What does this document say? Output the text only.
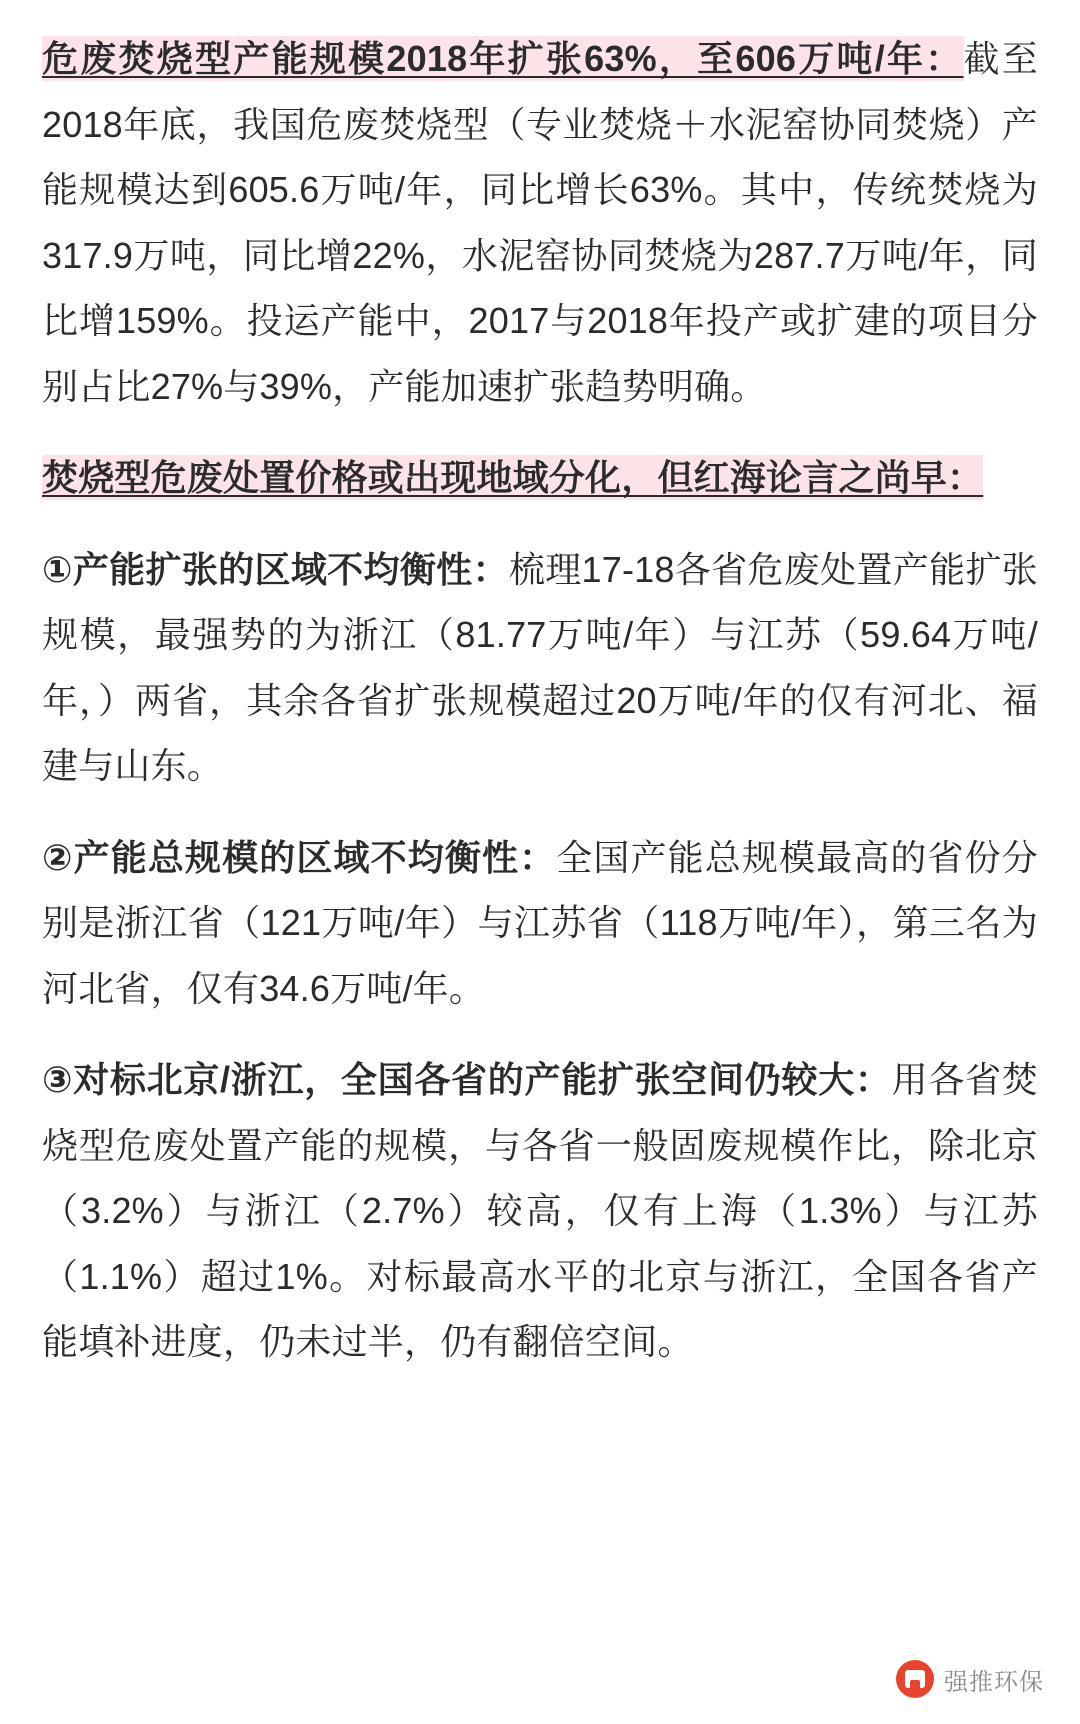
危废焚烧型产能规模2018年扩张63%，至606万吨/年：截至2018年底，我国危废焚烧型（专业焚烧＋水泥窑协同焚烧）产能规模达到605.6万吨/年，同比增长63%。其中，传统焚烧为317.9万吨，同比增22%，水泥窑协同焚烧为287.7万吨/年，同比增159%。投运产能中，2017与2018年投产或扩建的项目分别占比27%与39%，产能加速扩张趋势明确。

焚烧型危废处置价格或出现地域分化，但红海论言之尚早：

①产能扩张的区域不均衡性：梳理17-18各省危废处置产能扩张规模，最强势的为浙江（81.77万吨/年）与江苏（59.64万吨/年，）两省，其余各省扩张规模超过20万吨/年的仅有河北、福建与山东。

②产能总规模的区域不均衡性：全国产能总规模最高的省份分别是浙江省（121万吨/年）与江苏省（118万吨/年），第三名为河北省，仅有34.6万吨/年。

③对标北京/浙江，全国各省的产能扩张空间仍较大：用各省焚烧型危废处置产能的规模，与各省一般固废规模作比，除北京（3.2%）与浙江（2.7%）较高，仅有上海（1.3%）与江苏（1.1%）超过1%。对标最高水平的北京与浙江，全国各省产能填补进度，仍未过半，仍有翻倍空间。

强推环保
